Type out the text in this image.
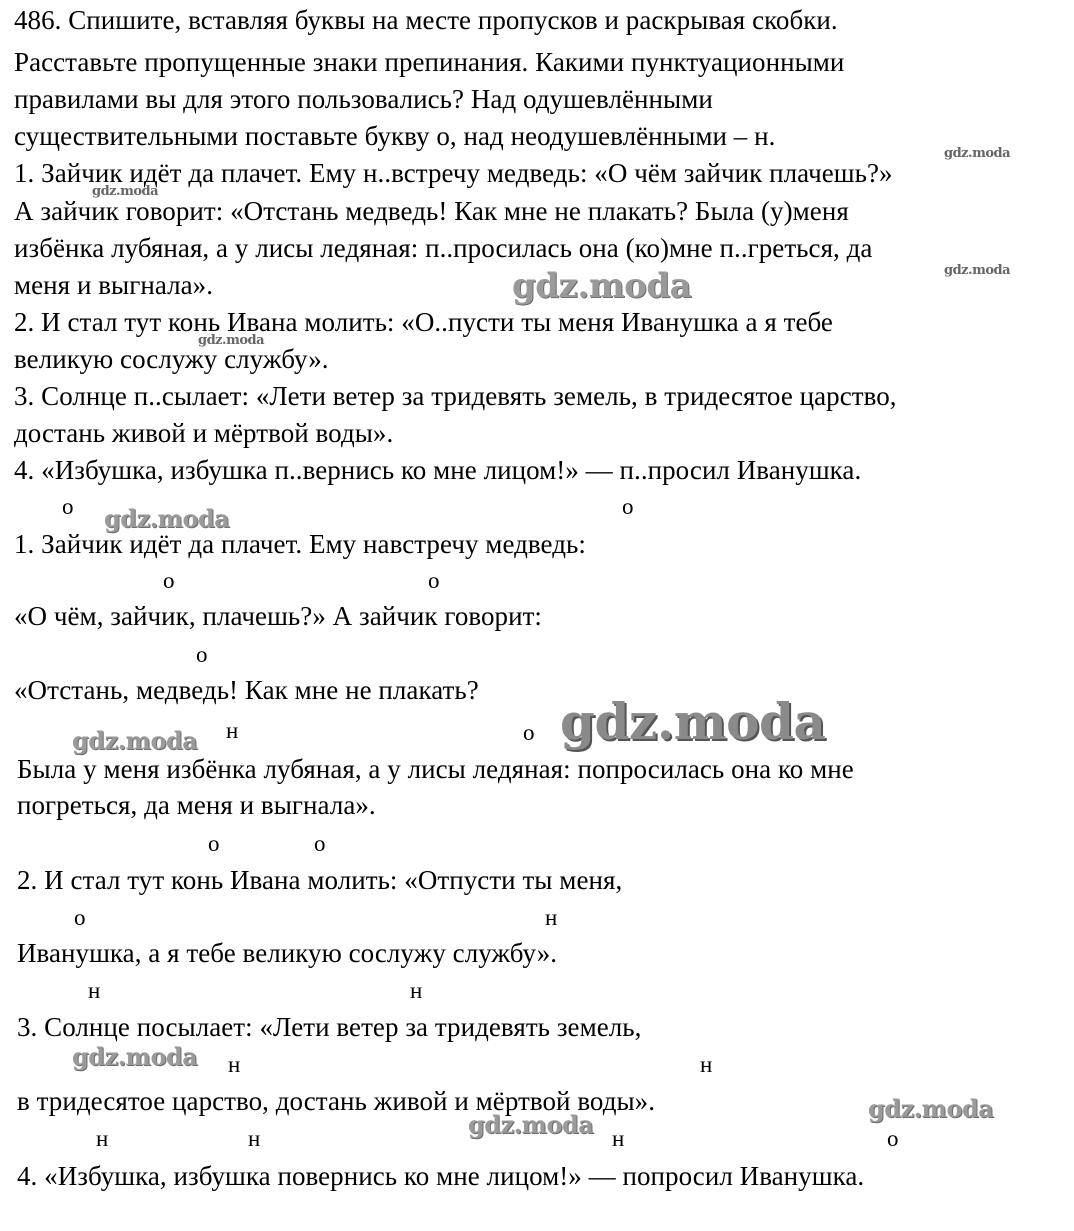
486. Спишите, вставляя буквы на месте пропусков и раскрывая скобки.
Расставьте пропущенные знаки препинания. Какими пунктуационными
правилами вы для этого пользовались? Над одушевлёнными
существительными поставьте букву о, над неодушевлёнными – н.
1. Зайчик идёт да плачет. Ему н..встречу медведь: «О чём зайчик плачешь?»
А зайчик говорит: «Отстань медведь! Как мне не плакать? Была (у)меня
избёнка лубяная, а у лисы ледяная: п..просилась она (ко)мне п..греться, да
меня и выгнала».
2. И стал тут конь Ивана молить: «О..пусти ты меня Иванушка а я тебе
великую сослужу службу».
3. Солнце п..сылает: «Лети ветер за тридевять земель, в тридесятое царство,
достань живой и мёртвой воды».
4. «Избушка, избушка п..вернись ко мне лицом!» — п..просил Иванушка.
о	о
о	о
о
н	о
о	о
о	н
н	н
н	н
н	н	н	о
1. Зайчик идёт да плачет. Ему навстречу медведь:
«О чём, зайчик, плачешь?» А зайчик говорит:
«Отстань, медведь! Как мне не плакать?
Была у меня избёнка лубяная, а у лисы ледяная: попросилась она ко мне
погреться, да меня и выгнала».
2. И стал тут конь Ивана молить: «Отпусти ты меня,
Иванушка, а я тебе великую сослужу службу».
3. Солнце посылает: «Лети ветер за тридевять земель,
в тридесятое царство, достань живой и мёртвой воды».
4. «Избушка, избушка повернись ко мне лицом!» — попросил Иванушка.
gdz.moda
gdz.moda
gdz.moda
gdz.moda
gdz.moda
gdz.moda
gdz.moda	gdz.moda
gdz.moda
gdz.moda
gdz.moda
